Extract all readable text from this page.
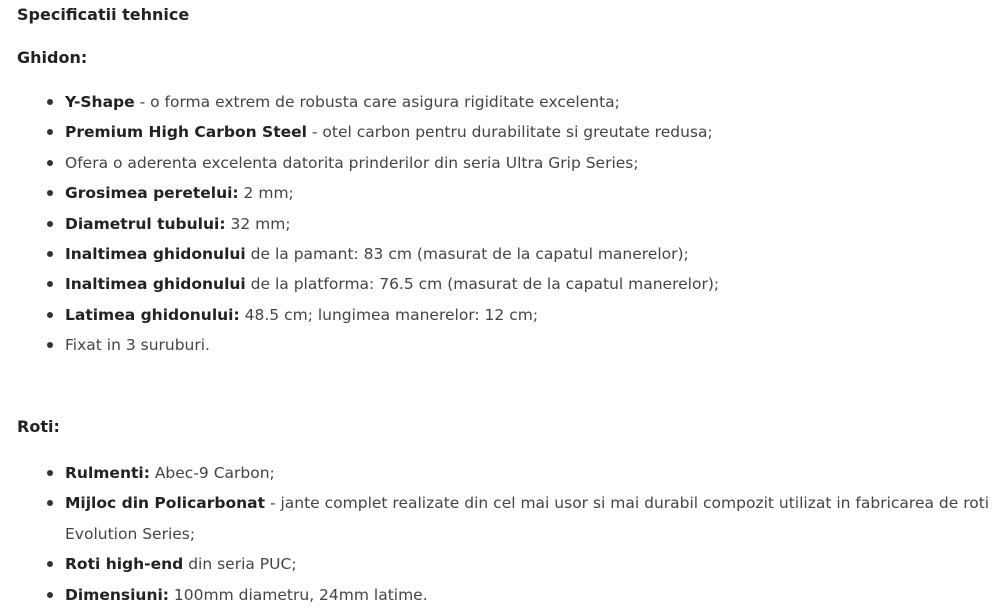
Specificatii tehnice
Ghidon:
Y-Shape - o forma extrem de robusta care asigura rigiditate excelenta;
Premium High Carbon Steel - otel carbon pentru durabilitate si greutate redusa;
Ofera o aderenta excelenta datorita prinderilor din seria Ultra Grip Series;
Grosimea peretelui: 2 mm;
Diametrul tubului: 32 mm;
Inaltimea ghidonului de la pamant: 83 cm (masurat de la capatul manerelor);
Inaltimea ghidonului de la platforma: 76.5 cm (masurat de la capatul manerelor);
Latimea ghidonului: 48.5 cm; lungimea manerelor: 12 cm;
Fixat in 3 suruburi.
Roti:
Rulmenti: Abec-9 Carbon;
Mijloc din Policarbonat - jante complet realizate din cel mai usor si mai durabil compozit utilizat in fabricarea de roti Evolution Series;
Roti high-end din seria PUC;
Dimensiuni: 100mm diametru, 24mm latime.
